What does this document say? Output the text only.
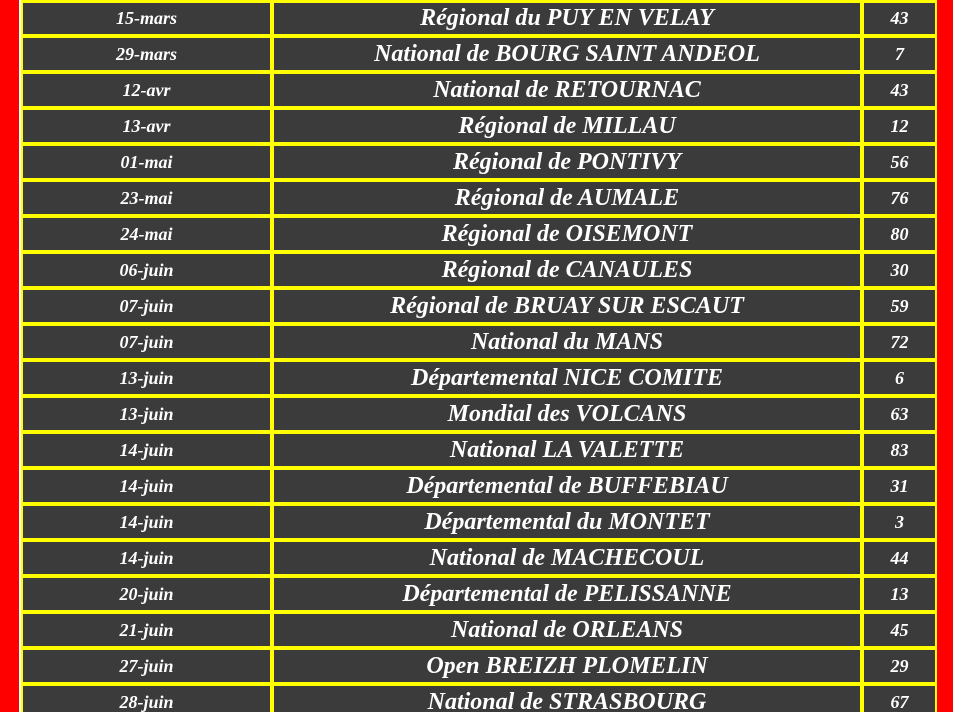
15-mars	Régional du PUY EN VELAY	43
29-mars	National de BOURG SAINT ANDEOL	7
12-avr	National de RETOURNAC	43
13-avr	Régional de MILLAU	12
01-mai	Régional de PONTIVY	56
23-mai	Régional de AUMALE	76
24-mai	Régional de OISEMONT	80
06-juin	Régional de CANAULES	30
07-juin	Régional de BRUAY SUR ESCAUT	59
07-juin	National du MANS	72
13-juin	Départemental NICE COMITE	6
13-juin	Mondial des VOLCANS	63
14-juin	National LA VALETTE	83
14-juin	Départemental de BUFFEBIAU	31
14-juin	Départemental du MONTET	3
14-juin	National de MACHECOUL	44
20-juin	Départemental de PELISSANNE	13
21-juin	National de ORLEANS	45
27-juin	Open BREIZH PLOMELIN	29
28-juin	National de STRASBOURG	67
